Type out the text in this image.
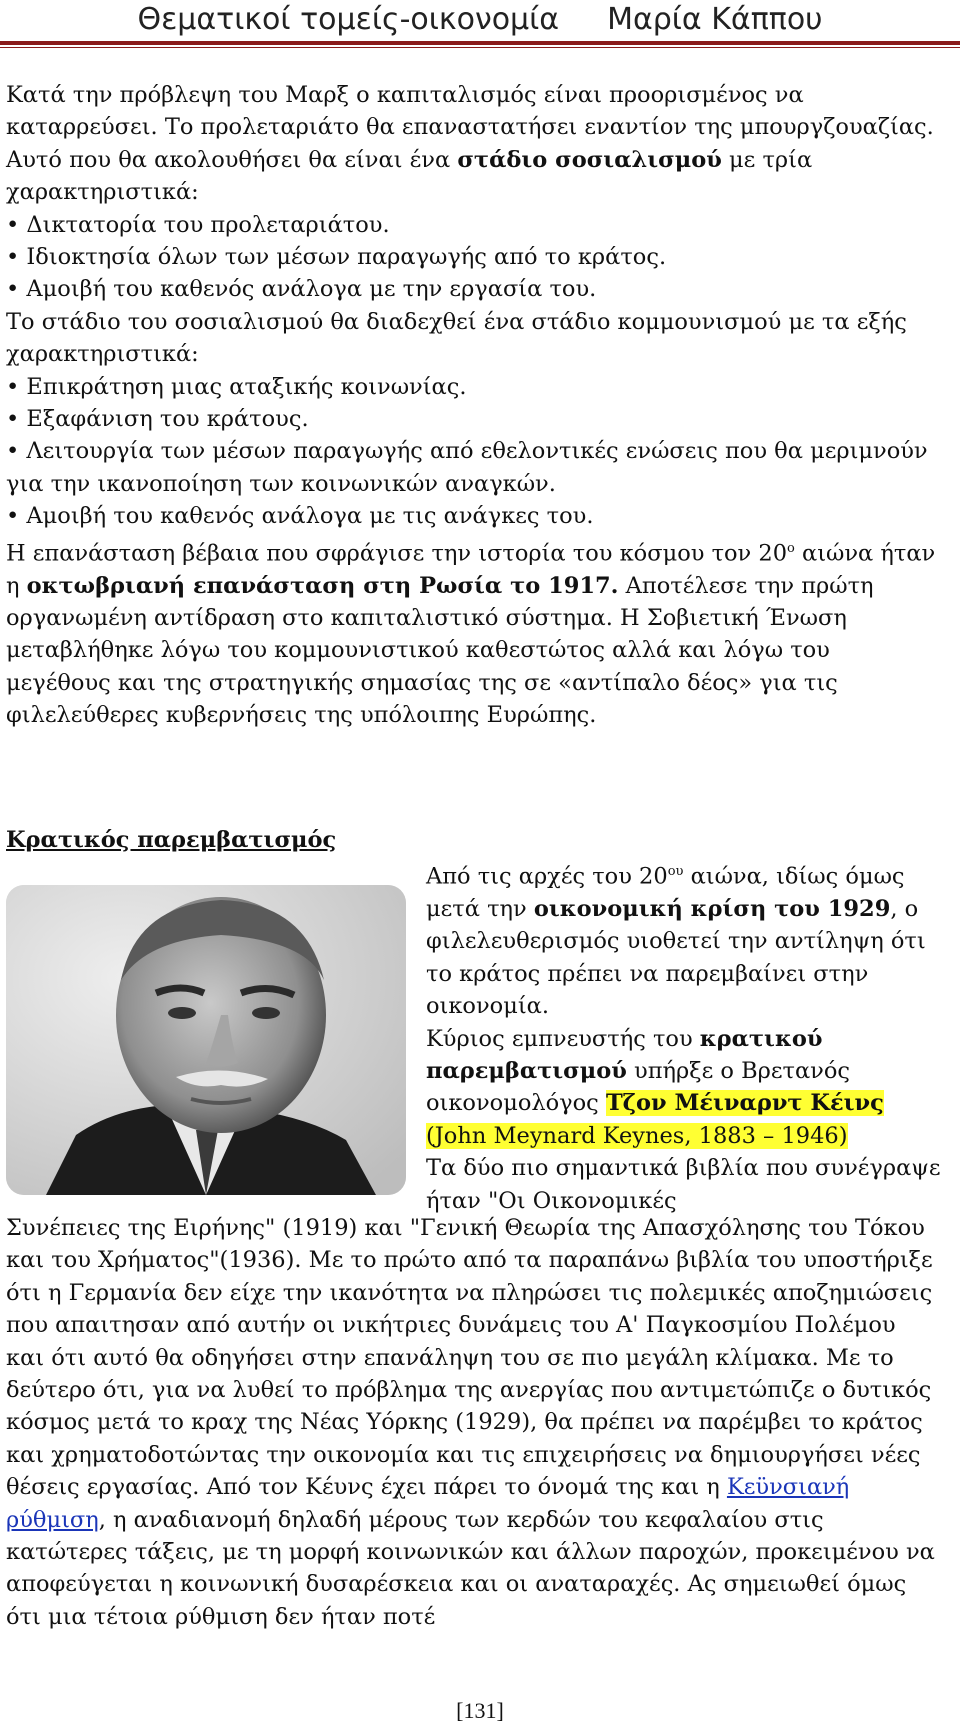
Θεματικοί τομείς-οικονομία Μαρία Κάππου

Κατά την πρόβλεψη του Μαρξ ο καπιταλισμός είναι προορισμένος να καταρρεύσει. Το προλεταριάτο θα επαναστατήσει εναντίον της μπουργζουαζίας. Αυτό που θα ακολουθήσει θα είναι ένα στάδιο σοσιαλισμού με τρία χαρακτηριστικά:

• Δικτατορία του προλεταριάτου.

• Ιδιοκτησία όλων των μέσων παραγωγής από το κράτος.

• Αμοιβή του καθενός ανάλογα με την εργασία του.

Το στάδιο του σοσιαλισμού θα διαδεχθεί ένα στάδιο κομμουνισμού με τα εξής χαρακτηριστικά:

• Επικράτηση μιας αταξικής κοινωνίας.

• Εξαφάνιση του κράτους.

• Λειτουργία των μέσων παραγωγής από εθελοντικές ενώσεις που θα μεριμνούν για την ικανοποίηση των κοινωνικών αναγκών.

• Αμοιβή του καθενός ανάλογα με τις ανάγκες του.

Η επανάσταση βέβαια που σφράγισε την ιστορία του κόσμου τον $20^o$ αιώνα ήταν η οκτωβριανή επανάσταση στη Ρωσία το 1917. Αποτέλεσε την πρώτη οργανωμένη αντίδραση στο καπιταλιστικό σύστημα. Η Σοβιετική Ένωση μεταβλήθηκε λόγω του κομμουνιστικού καθεστώτος αλλά και λόγω του μεγέθους και της στρατηγικής σημασίας της σε «αντίπαλο δέος» για τις φιλελεύθερες κυβερνήσεις της υπόλοιπης Ευρώπης.

Κρατικός παρεμβατισμός

Από τις αρχές του $20^{o\upsilon}$ αιώνα, ιδίως όμως μετά την οικονομική κρίση του 1929, ο φιλελευθερισμός υιοθετεί την αντίληψη ότι το κράτος πρέπει να παρεμβαίνει στην οικονομία.

Κύριος εμπνευστής του κρατικού παρεμβατισμού υπήρξε ο Βρετανός οικονομολόγος Τζον Μέιναρντ Κέινς (John Meynard Keynes, 1883 – 1946)

Τα δύο πιο σημαντικά βιβλία που συνέγραψε ήταν "Οι Οικονομικές

Συνέπειες της Ειρήνης" (1919) και "Γενική Θεωρία της Απασχόλησης του Τόκου και του Χρήματος"(1936). Με το πρώτο από τα παραπάνω βιβλία του υποστήριξε ότι η Γερμανία δεν είχε την ικανότητα να πληρώσει τις πολεμικές αποζημιώσεις που απαιτησαν από αυτήν οι νικήτριες δυνάμεις του Α' Παγκοσμίου Πολέμου και ότι αυτό θα οδηγήσει στην επανάληψη του σε πιο μεγάλη κλίμακα. Με το δεύτερο ότι, για να λυθεί το πρόβλημα της ανεργίας που αντιμετώπιζε ο δυτικός κόσμος μετά το κραχ της Νέας Υόρκης (1929), θα πρέπει να παρέμβει το κράτος και χρηματοδοτώντας την οικονομία και τις επιχειρήσεις να δημιουργήσει νέες θέσεις εργασίας. Από τον Κέυνς έχει πάρει το όνομά της και η Κεϋνσιανή ρύθμιση, η αναδιανομή δηλαδή μέρους των κερδών του κεφαλαίου στις κατώτερες τάξεις, με τη μορφή κοινωνικών και άλλων παροχών, προκειμένου να αποφεύγεται η κοινωνική δυσαρέσκεια και οι αναταραχές. Ας σημειωθεί όμως ότι μια τέτοια ρύθμιση δεν ήταν ποτέ

[131]
